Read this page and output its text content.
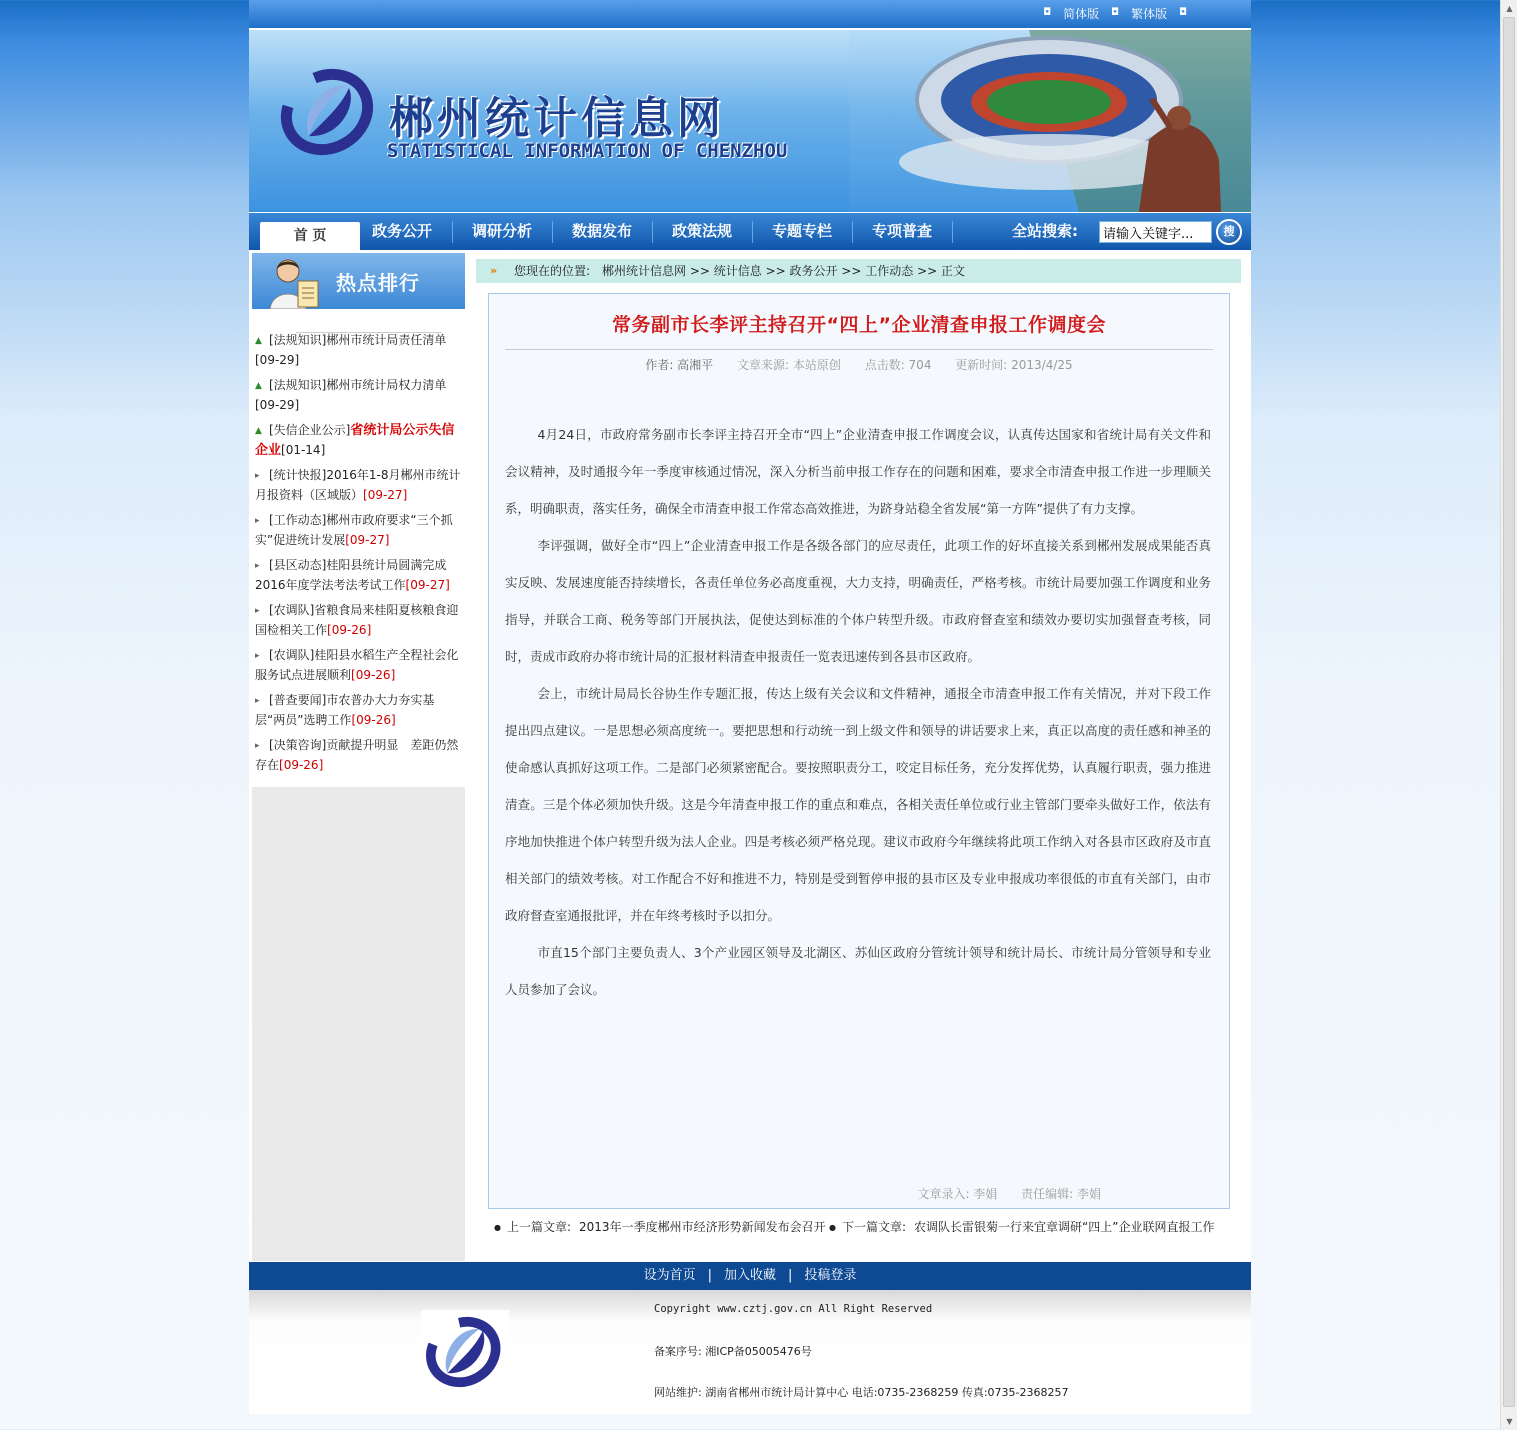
▲
▼
◘ 简体版 ◘ 繁体版 ◘
郴州统计信息网
STATISTICAL INFORMATION OF CHENZHOU
首 页	政务公开	调研分析	数据发布	政策法规	专题专栏	专项普查	全站搜索:
请输入关键字...	搜
热点排行
▲ [法规知识]郴州市统计局责任清单[09-29]
▲ [法规知识]郴州市统计局权力清单[09-29]
▲ [失信企业公示]省统计局公示失信企业[01-14]
▸ [统计快报]2016年1-8月郴州市统计月报资料（区域版）[09-27]
▸ [工作动态]郴州市政府要求“三个抓实”促进统计发展[09-27]
▸ [县区动态]桂阳县统计局圆满完成2016年度学法考法考试工作[09-27]
▸ [农调队]省粮食局来桂阳夏核粮食迎国检相关工作[09-26]
▸ [农调队]桂阳县水稻生产全程社会化服务试点进展顺利[09-26]
▸ [普查要闻]市农普办大力夯实基层“两员”选聘工作[09-26]
▸ [决策咨询]贡献提升明显　差距仍然存在[09-26]
» 您现在的位置:　郴州统计信息网 >> 统计信息 >> 政务公开 >> 工作动态 >> 正文
常务副市长李评主持召开“四上”企业清查申报工作调度会
作者: 高湘平 文章来源: 本站原创 点击数: 704 更新时间: 2013/4/25

4月24日，市政府常务副市长李评主持召开全市“四上”企业清查申报工作调度会议，认真传达国家和省统计局有关文件和会议精神，及时通报今年一季度审核通过情况，深入分析当前申报工作存在的问题和困难，要求全市清查申报工作进一步理顺关系，明确职责，落实任务，确保全市清查申报工作常态高效推进，为跻身站稳全省发展“第一方阵”提供了有力支撑。

李评强调，做好全市“四上”企业清查申报工作是各级各部门的应尽责任，此项工作的好坏直接关系到郴州发展成果能否真实反映、发展速度能否持续增长，各责任单位务必高度重视，大力支持，明确责任，严格考核。市统计局要加强工作调度和业务指导，并联合工商、税务等部门开展执法，促使达到标准的个体户转型升级。市政府督查室和绩效办要切实加强督查考核，同时，责成市政府办将市统计局的汇报材料清查申报责任一览表迅速传到各县市区政府。

会上，市统计局局长谷协生作专题汇报，传达上级有关会议和文件精神，通报全市清查申报工作有关情况，并对下段工作提出四点建议。一是思想必须高度统一。要把思想和行动统一到上级文件和领导的讲话要求上来，真正以高度的责任感和神圣的使命感认真抓好这项工作。二是部门必须紧密配合。要按照职责分工，咬定目标任务，充分发挥优势，认真履行职责，强力推进清查。三是个体必须加快升级。这是今年清查申报工作的重点和难点，各相关责任单位或行业主管部门要牵头做好工作，依法有序地加快推进个体户转型升级为法人企业。四是考核必须严格兑现。建议市政府今年继续将此项工作纳入对各县市区政府及市直相关部门的绩效考核。对工作配合不好和推进不力，特别是受到暂停申报的县市区及专业申报成功率很低的市直有关部门，由市政府督查室通报批评，并在年终考核时予以扣分。

市直15个部门主要负责人、3个产业园区领导及北湖区、苏仙区政府分管统计领导和统计局长、市统计局分管领导和专业人员参加了会议。

文章录入: 李娟 责任编辑: 李娟
● 上一篇文章: 2013年一季度郴州市经济形势新闻发布会召开 ● 下一篇文章: 农调队长雷银菊一行来宜章调研“四上”企业联网直报工作
设为首页 | 加入收藏 | 投稿登录
Copyright www.cztj.gov.cn All Right Reserved
备案序号: 湘ICP备05005476号
网站维护: 湖南省郴州市统计局计算中心 电话:0735-2368259 传真:0735-2368257
